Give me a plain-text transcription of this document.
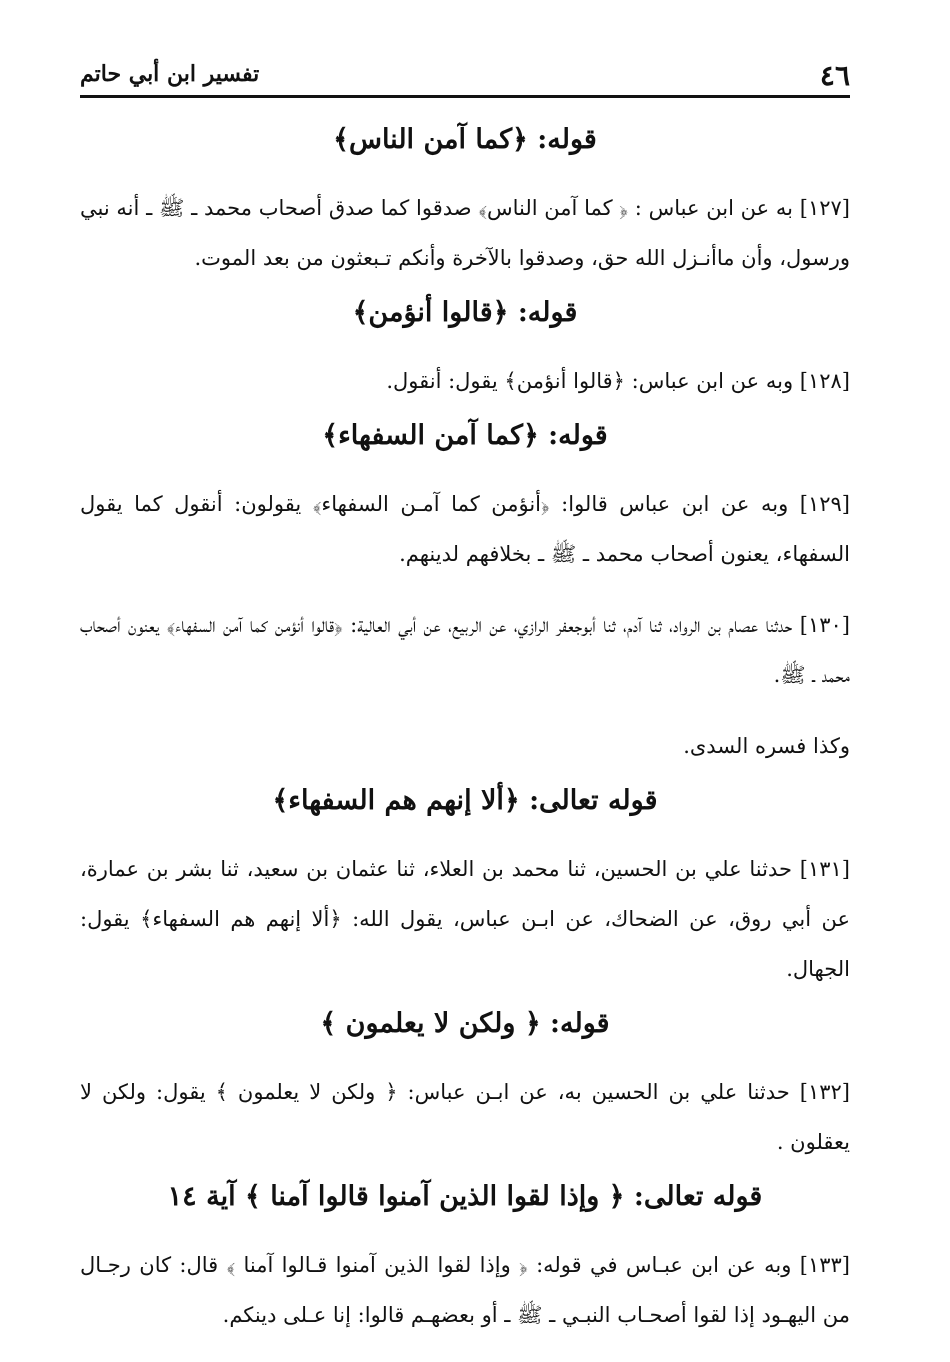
٤٦
تفسير ابن أبي حاتم
قوله: ﴿كما آمن الناس﴾

[١٢٧] به عن ابن عباس : ﴿ كما آمن الناس﴾ صدقوا كما صدق أصحاب محمد ـ ﷺ ـ أنه نبي ورسول، وأن ماأنـزل الله حق، وصدقوا بالآخرة وأنكم تـبعثون من بعد الموت.

قوله: ﴿قالوا أنؤمن﴾

[١٢٨] وبه عن ابن عباس: ﴿قالوا أنؤمن﴾ يقول: أنقول.

قوله: ﴿كما آمن السفهاء﴾

[١٢٩] وبه عن ابن عباس قالوا: ﴿أنؤمن كما آمـن السفهاء﴾ يقولون: أنقول كما يقول السفهاء، يعنون أصحاب محمد ـ ﷺ ـ بخلافهم لدينهم.

[١٣٠] حدثنا عصام بن الرواد، ثنا آدم، ثنا أبوجعفر الرازي، عن الربيع، عن أبي العالية: ﴿قالوا أنؤمن كما آمن السفهاء﴾ يعنون أصحاب محمد ـ ﷺ.

وكذا فسره السدى.

قوله تعالى: ﴿ألا إنهم هم السفهاء﴾

[١٣١] حدثنا علي بن الحسين، ثنا محمد بن العلاء، ثنا عثمان بن سعيد، ثنا بشر بن عمارة، عن أبي روق، عن الضحاك، عن ابـن عباس، يقول الله: ﴿ألا إنهم هم السفهاء﴾ يقول: الجهال.

قوله: ﴿ ولكن لا يعلمون ﴾

[١٣٢] حدثنا علي بن الحسين به، عن ابـن عباس: ﴿ ولكن لا يعلمون ﴾ يقول: ولكن لا يعقلون .

قوله تعالى: ﴿ وإذا لقوا الذين آمنوا قالوا آمنا ﴾ آية ١٤

[١٣٣] وبه عن ابن عبـاس في قوله: ﴿ وإذا لقوا الذين آمنوا قـالوا آمنا ﴾ قال: كان رجـال من اليهـود إذا لقوا أصحـاب النبـي ـ ﷺ ـ أو بعضهـم قالوا: إنا عـلى دينكم.
